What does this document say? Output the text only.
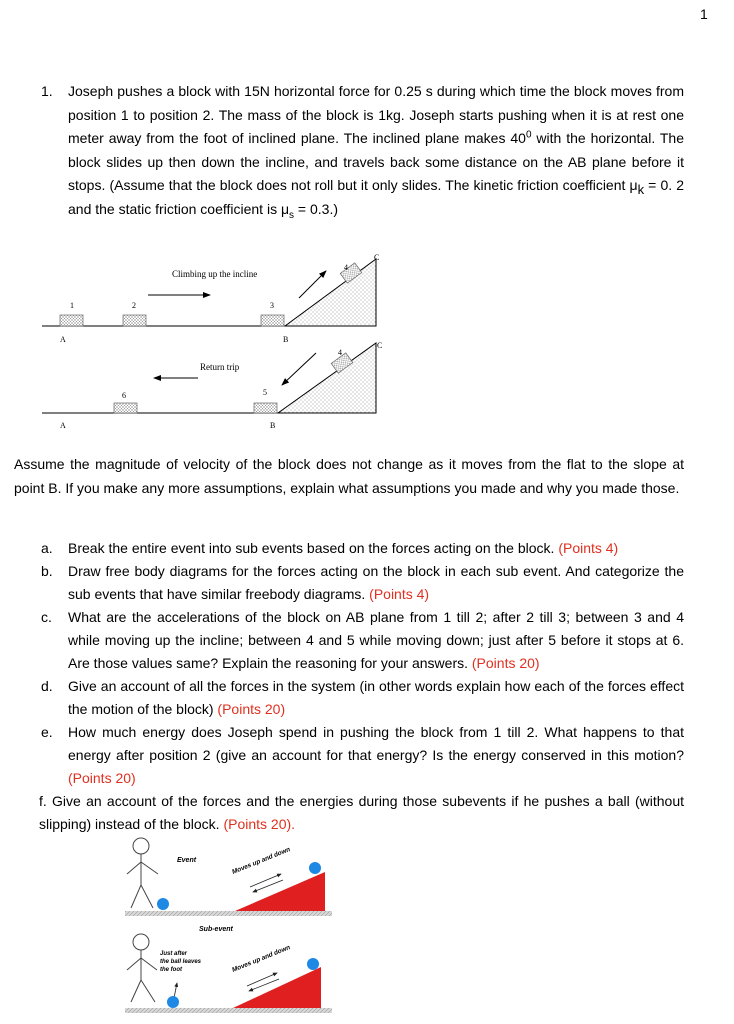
1
1. Joseph pushes a block with 15N horizontal force for 0.25 s during which time the block moves from position 1 to position 2. The mass of the block is 1kg. Joseph starts pushing when it is at rest one meter away from the foot of inclined plane. The inclined plane makes $40^0$ with the horizontal. The block slides up then down the incline, and travels back some distance on the AB plane before it stops. (Assume that the block does not roll but it only slides. The kinetic friction coefficient $\mu_k = 0$. 2 and the static friction coefficient is $\mu_s = 0.3$.)
Climbing up the incline
1	2	3
4
A	B
C
Return trip
4
5
6
A	B
C
Assume the magnitude of velocity of the block does not change as it moves from the flat to the slope at point B. If you make any more assumptions, explain what assumptions you made and why you made those.
a. Break the entire event into sub events based on the forces acting on the block. (Points 4)
b. Draw free body diagrams for the forces acting on the block in each sub event. And categorize the sub events that have similar freebody diagrams. (Points 4)
c. What are the accelerations of the block on AB plane from 1 till 2; after 2 till 3; between 3 and 4 while moving up the incline; between 4 and 5 while moving down; just after 5 before it stops at 6. Are those values same? Explain the reasoning for your answers. (Points 20)
d. Give an account of all the forces in the system (in other words explain how each of the forces effect the motion of the block) (Points 20)
e. How much energy does Joseph spend in pushing the block from 1 till 2. What happens to that energy after position 2 (give an account for that energy? Is the energy conserved in this motion? (Points 20)
f. Give an account of the forces and the energies during those subevents if he pushes a ball (without slipping) instead of the block. (Points 20).
Event	Moves up and down
Sub-event
Just after
the ball leaves
the foot	Moves up and down
